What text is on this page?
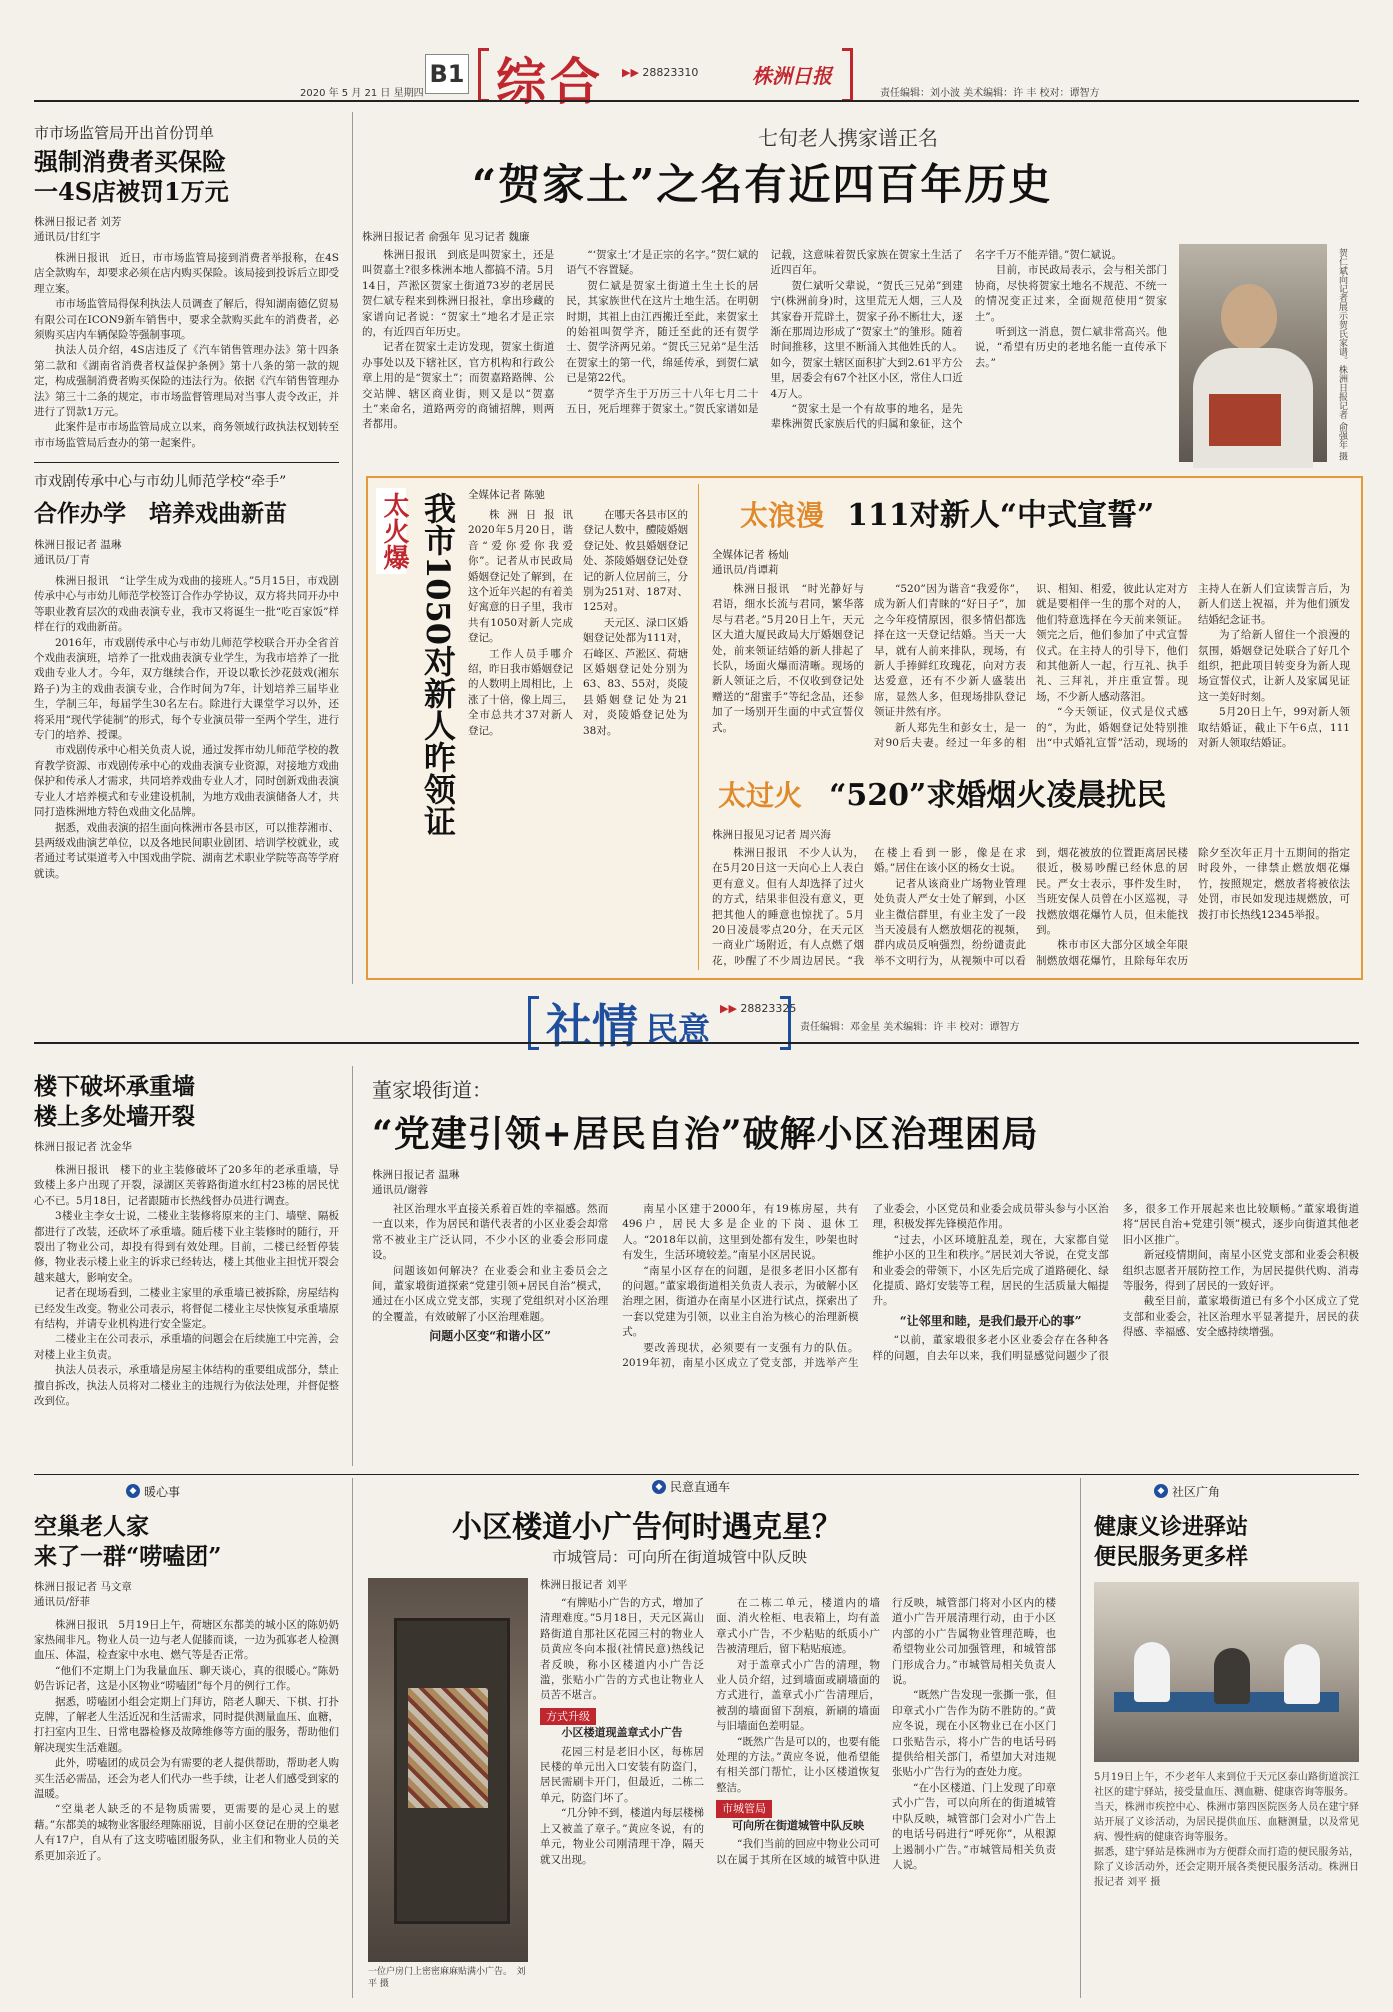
2020 年 5 月 21 日 星期四
B1 综合 ▶▶ 28823310	株洲日报
责任编辑：刘小波 美术编辑：许 丰 校对：谭智方
市市场监管局开出首份罚单
强制消费者买保险
一4S店被罚1万元
株洲日报记者 刘芳
通讯员/甘红宇

株洲日报讯　近日，市市场监管局接到消费者举报称，在4S店全款购车，却要求必须在店内购买保险。该局接到投诉后立即受理立案。

市市场监管局得保利执法人员调查了解后，得知湖南德亿贸易有限公司在ICON9新车销售中，要求全款购买此车的消费者，必须购买店内车辆保险等强制事项。

执法人员介绍，4S店违反了《汽车销售管理办法》第十四条第二款和《湖南省消费者权益保护条例》第十八条的第一款的规定，构成强制消费者购买保险的违法行为。依据《汽车销售管理办法》第三十二条的规定，市市场监督管理局对当事人责令改正，并进行了罚款1万元。

此案件是市市场监管局成立以来，商务领域行政执法权划转至市市场监管局后查办的第一起案件。

市戏剧传承中心与市幼儿师范学校“牵手”
合作办学　培养戏曲新苗
株洲日报记者 温琳
通讯员/丁青

株洲日报讯　“让学生成为戏曲的接班人。”5月15日，市戏剧传承中心与市幼儿师范学校签订合作办学协议，双方将共同开办中等职业教育层次的戏曲表演专业，我市又将诞生一批“吃百家饭”样样在行的戏曲新苗。

2016年，市戏剧传承中心与市幼儿师范学校联合开办全省首个戏曲表演班，培养了一批戏曲表演专业学生，为我市培养了一批戏曲专业人才。今年，双方继续合作，开设以歌长沙花鼓戏(湘东路子)为主的戏曲表演专业，合作时间为7年，计划培养三届毕业生，学制三年，每届学生30名左右。除进行大课堂学习以外，还将采用“现代学徒制”的形式，每个专业演员带一至两个学生，进行专门的培养、授课。

市戏剧传承中心相关负责人说，通过发挥市幼儿师范学校的教育教学资源、市戏剧传承中心的戏曲表演专业资源，对接地方戏曲保护和传承人才需求，共同培养戏曲专业人才，同时创新戏曲表演专业人才培养模式和专业建设机制，为地方戏曲表演储备人才，共同打造株洲地方特色戏曲文化品牌。

据悉，戏曲表演的招生面向株洲市各县市区，可以推荐湘市、县两级戏曲演艺单位，以及各地民间职业剧团、培训学校就业，或者通过考试渠道考入中国戏曲学院、湖南艺术职业学院等高等学府就读。

七旬老人携家谱正名
“贺家土”之名有近四百年历史
株洲日报记者 俞强年 见习记者 魏廉

株洲日报讯　到底是叫贺家土，还是叫贺嘉土?很多株洲本地人都搞不清。5月14日，芦淞区贺家土街道73岁的老居民贺仁斌专程来到株洲日报社，拿出珍藏的家谱向记者说：“贺家土”地名才是正宗的，有近四百年历史。

记者在贺家土走访发现，贺家土街道办事处以及下辖社区，官方机构和行政公章上用的是“贺家土”；而贺嘉路路牌、公交站牌、辖区商业街，则又是以“贺嘉土”来命名，道路两旁的商铺招牌，则两者都用。

“‘贺家土’才是正宗的名字。”贺仁斌的语气不容置疑。

贺仁斌是贺家土街道土生土长的居民，其家族世代在这片土地生活。在明朝时期，其祖上由江西搬迁至此，来贺家土的始祖叫贺学齐，随迁至此的还有贺学士、贺学济两兄弟。“贺氏三兄弟”是生活在贺家土的第一代，绵延传承，到贺仁斌已是第22代。

“贺学齐生于万历三十八年七月二十五日，死后埋葬于贺家土。”贺氏家谱如是记载，这意味着贺氏家族在贺家土生活了近四百年。

贺仁斌听父辈说，“贺氏三兄弟”到建宁(株洲前身)时，这里荒无人烟，三人及其家眷开荒辟土，贺家子孙不断壮大，逐渐在那周边形成了“贺家土”的雏形。随着时间推移，这里不断涌入其他姓氏的人。如今，贺家土辖区面积扩大到2.61平方公里，居委会有67个社区小区，常住人口近4万人。

“贺家土是一个有故事的地名，是先辈株洲贺氏家族后代的归属和象征，这个名字千万不能弄错。”贺仁斌说。

目前，市民政局表示，会与相关部门协商，尽快将贺家土地名不规范、不统一的情况变正过来，全面规范使用“贺家土”。

听到这一消息，贺仁斌非常高兴。他说，“希望有历史的老地名能一直传承下去。”	贺仁斌向记者展示贺氏家谱。株洲日报记者 俞强年 摄
太火爆 我市1050对新人昨领证 全媒体记者 陈驰

株洲日报讯　2020年5月20日，谐音“爱你爱你我爱你”。记者从市民政局婚姻登记处了解到，在这个近年兴起的有着美好寓意的日子里，我市共有1050对新人完成登记。

工作人员手哪介绍，昨日我市婚姻登记的人数明上周相比，上涨了十倍，像上周三，全市总共才37对新人登记。

在哪天各县市区的登记人数中，醴陵婚姻登记处、攸县婚姻登记处、茶陵婚姻登记处登记的新人位居前三，分别为251对、187对、125对。

天元区、渌口区婚姻登记处都为111对，石峰区、芦淞区、荷塘区婚姻登记处分别为63、83、55对，炎陵县婚姻登记处为21对，炎陵婚登记处为38对。

太浪漫 111对新人“中式宣誓”
全媒体记者 杨灿
通讯员/肖谭莉

株洲日报讯　“时光静好与君语，细水长流与君同，繁华落尽与君老。”5月20日上午，天元区大道大厦民政局大厅婚姻登记处，前来领证结婚的新人排起了长队，场面火爆而清晰。现场的新人领证之后，不仅收到登记处赠送的“甜蜜手”等纪念品，还参加了一场别开生面的中式宣誓仪式。

“520”因为谐音“我爱你”，成为新人们青睐的“好日子”，加之今年疫情原因，很多情侣都选择在这一天登记结婚。当天一大早，就有人前来排队，现场，有新人手捧鲜红玫瑰花，向对方表达爱意，还有不少新人盛装出席，显然人多，但现场排队登记领证井然有序。

新人郑先生和彭女士，是一对90后夫妻。经过一年多的相识、相知、相爱，彼此认定对方就是要相伴一生的那个对的人，他们特意选择在今天前来领证。领完之后，他们参加了中式宣誓仪式。在主持人的引导下，他们和其他新人一起，行互礼、执手礼、三拜礼，并庄重宣誓。现场，不少新人感动落泪。

“今天领证，仪式是仪式感的”，为此，婚姻登记处特别推出“中式婚礼宣誓”活动，现场的主持人在新人们宣读誓言后，为新人们送上祝福，并为他们颁发结婚纪念证书。

为了给新人留住一个浪漫的氛围，婚姻登记处联合了好几个组织，把此项目转变身为新人现场宣誓仪式，让新人及家属见证这一美好时刻。

5月20日上午，99对新人领取结婚证，截止下午6点，111对新人领取结婚证。

太过火 “520”求婚烟火凌晨扰民
株洲日报见习记者 周兴海

株洲日报讯　不少人认为，在5月20日这一天向心上人表白更有意义。但有人却选择了过火的方式，结果非但没有意义，更把其他人的睡意也惊扰了。5月20日凌晨零点20分，在天元区一商业广场附近，有人点燃了烟花，吵醒了不少周边居民。“我在楼上看到一影，像是在求婚。”居住在该小区的杨女士说。

记者从该商业广场物业管理处负责人严女士处了解到，小区业主微信群里，有业主发了一段当天凌晨有人燃放烟花的视频，群内成员反响强烈，纷纷谴责此举不文明行为，从视频中可以看到，烟花被放的位置距离居民楼很近，极易吵醒已经休息的居民。严女士表示，事件发生时，当班安保人员曾在小区巡视，寻找燃放烟花爆竹人员，但未能找到。

株市市区大部分区域全年限制燃放烟花爆竹，且除每年农历除夕至次年正月十五期间的指定时段外，一律禁止燃放烟花爆竹，按照规定，燃放者将被依法处罚，市民如发现违规燃放，可拨打市长热线12345举报。

社情 民意
▶▶ 28823325
责任编辑：邓金星 美术编辑：许 丰 校对：谭智方
楼下破坏承重墙
楼上多处墙开裂
株洲日报记者 沈金华

株洲日报讯　楼下的业主装修破坏了20多年的老承重墙，导致楼上多户出现了开裂，渌湖区芙蓉路街道水红村23栋的居民忧心不已。5月18日，记者跟随市长热线督办员进行调查。

3楼业主李女士说，二楼业主装修将原来的主门、墙壁、隔板都进行了改装，还砍坏了承重墙。随后楼下业主装修时的随行，开裂出了物业公司，却投有得到有效处理。目前，二楼已经暂停装修，物业表示楼上业主的诉求已经转达，楼上其他业主担忧开裂会越来越大，影响安全。

记者在现场看到，二楼业主家里的承重墙已被拆除，房屋结构已经发生改变。物业公司表示，将督促二楼业主尽快恢复承重墙原有结构，并请专业机构进行安全鉴定。

二楼业主在公司表示，承重墙的问题会在后续施工中完善，会对楼上业主负责。

执法人员表示，承重墙是房屋主体结构的重要组成部分，禁止擅自拆改，执法人员将对二楼业主的违规行为依法处理，并督促整改到位。

董家塅街道：
“党建引领+居民自治”破解小区治理困局
株洲日报记者 温琳
通讯员/谢蓉

社区治理水平直接关系着百姓的幸福感。然而一直以来，作为居民和谐代表者的小区业委会却常常不被业主广泛认同，不少小区的业委会形同虚设。

问题该如何解决？在业委会和业主委员会之间，董家塅街道探索“党建引领+居民自治”模式，通过在小区成立党支部，实现了党组织对小区治理的全覆盖，有效破解了小区治理难题。

问题小区变“和谐小区”

南星小区建于2000年，有19栋房屋，共有496户，居民大多是企业的下岗、退休工人。“2018年以前，这里到处都有发生，吵架也时有发生，生活环境较差。”南星小区居民说。

“南星小区存在的问题，是很多老旧小区都有的问题。”董家塅街道相关负责人表示，为破解小区治理之困，街道办在南星小区进行试点，探索出了一套以党建为引领，以业主自治为核心的治理新模式。

要改善现状，必须要有一支强有力的队伍。2019年初，南星小区成立了党支部，并选举产生了业委会，小区党员和业委会成员带头参与小区治理，积极发挥先锋模范作用。

“过去，小区环境脏乱差，现在，大家都自觉维护小区的卫生和秩序。”居民刘大爷说，在党支部和业委会的带领下，小区先后完成了道路硬化、绿化提质、路灯安装等工程，居民的生活质量大幅提升。

“让邻里和睦，是我们最开心的事”

“以前，董家塅很多老小区业委会存在各种各样的问题，自去年以来，我们明显感觉问题少了很多，很多工作开展起来也比较顺畅。”董家塅街道将“居民自治+党建引领”模式，逐步向街道其他老旧小区推广。

新冠疫情期间，南星小区党支部和业委会积极组织志愿者开展防控工作，为居民提供代购、消毒等服务，得到了居民的一致好评。

截至目前，董家塅街道已有多个小区成立了党支部和业委会，社区治理水平显著提升，居民的获得感、幸福感、安全感持续增强。

◆ 暖心事
空巢老人家
来了一群“唠嗑团”
株洲日报记者 马文章
通讯员/舒菲

株洲日报讯　5月19日上午，荷塘区东都美的城小区的陈奶奶家热闹非凡。物业人员一边与老人促膝而谈，一边为孤寡老人检测血压、体温，检查家中水电、燃气等是否正常。

“他们不定期上门为我量血压、聊天谈心，真的很暖心。”陈奶奶告诉记者，这是小区物业“唠嗑团”每个月的例行工作。

据悉，唠嗑团小组会定期上门拜访，陪老人聊天、下棋、打扑克牌，了解老人生活近况和生活需求，同时提供测量血压、血糖，打扫室内卫生、日常电器检修及故障维修等方面的服务，帮助他们解决现实生活难题。

此外，唠嗑团的成员会为有需要的老人提供帮助，帮助老人购买生活必需品，还会为老人们代办一些手续，让老人们感受到家的温暖。

“空巢老人缺乏的不是物质需要，更需要的是心灵上的慰藉。”东都美的城物业客服经理陈丽说，目前小区登记在册的空巢老人有17户，自从有了这支唠嗑团服务队，业主们和物业人员的关系更加亲近了。

◆ 民意直通车
小区楼道小广告何时遇克星？
市城管局：可向所在街道城管中队反映
一位户房门上密密麻麻贴满小广告。　刘平 摄
株洲日报记者 刘平

“有牌贴小广告的方式，增加了清理难度。”5月18日，天元区嵩山路街道自那社区花园三村的物业人员黄应冬向本报(社情民意)热线记者反映，称小区楼道内小广告泛滥，张贴小广告的方式也让物业人员苦不堪言。

方式升级
小区楼道现盖章式小广告

花园三村是老旧小区，每栋居民楼的单元出入口安装有防盗门，居民需刷卡开门，但最近，二栋二单元，防盗门坏了。

“几分钟不到，楼道内每层楼梯上又被盖了章子。”黄应冬说，有的单元，物业公司刚清理干净，隔天就又出现。

在二栋二单元，楼道内的墙面、消火栓柜、电表箱上，均有盖章式小广告，不少粘贴的纸质小广告被清理后，留下粘贴痕迹。

对于盖章式小广告的清理，物业人员介绍，过到墙面或刷墙面的方式进行，盖章式小广告清理后，被刮的墙面留下刮痕，新刷的墙面与旧墙面色差明显。

“既然广告是可以的，也要有能处理的方法。”黄应冬说，他希望能有相关部门帮忙，让小区楼道恢复整洁。

市城管局
可向所在街道城管中队反映

“我们当前的回应中物业公司可以在属于其所在区域的城管中队进行反映，城管部门将对小区内的楼道小广告开展清理行动，由于小区内部的小广告属物业管理范畴，也希望物业公司加强管理，和城管部门形成合力。”市城管局相关负责人说。

“既然广告发现一张撕一张，但印章式小广告作为防不胜防的。”黄应冬说，现在小区物业已在小区门口张贴告示，将小广告的电话号码提供给相关部门，希望加大对违规张贴小广告行为的查处力度。

“在小区楼道、门上发现了印章式小广告，可以向所在的街道城管中队反映，城管部门会对小广告上的电话号码进行“呼死你”，从根源上遏制小广告。”市城管局相关负责人说。

◆ 社区广角
健康义诊进驿站
便民服务更多样
5月19日上午，不少老年人来到位于天元区泰山路街道滨江社区的建宁驿站，接受量血压、测血糖、健康咨询等服务。
当天，株洲市疾控中心、株洲市第四医院医务人员在建宁驿站开展了义诊活动，为居民提供血压、血糖测量，以及常见病、慢性病的健康咨询等服务。
据悉，建宁驿站是株洲市为方便群众而打造的便民服务站，除了义诊活动外，还会定期开展各类便民服务活动。株洲日报记者 刘平 摄
